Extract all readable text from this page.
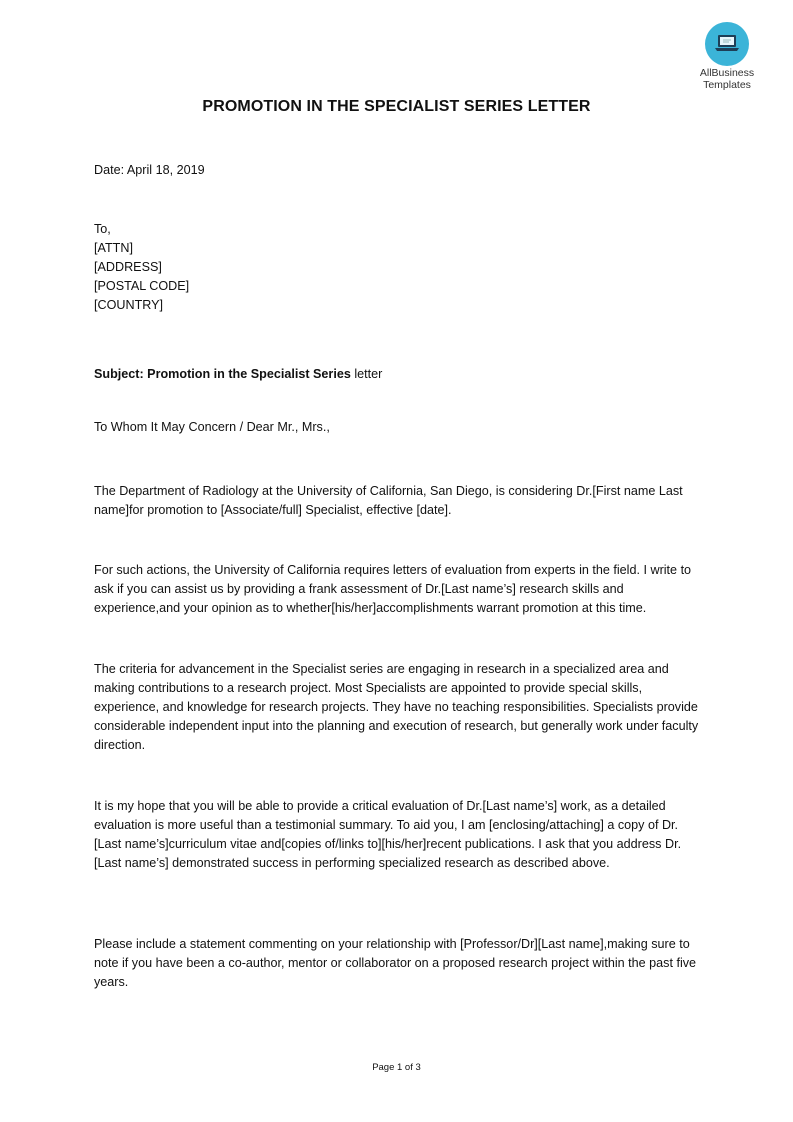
AllBusiness
Templates
PROMOTION IN THE SPECIALIST SERIES LETTER
Date: April 18, 2019

To,

[ATTN]

[ADDRESS]

[POSTAL CODE]

[COUNTRY]

Subject: Promotion in the Specialist Series letter
To Whom It May Concern / Dear Mr., Mrs.,
The Department of Radiology at the University of California, San Diego, is considering Dr.[First name Last name]for promotion to [Associate/full] Specialist, effective [date].
For such actions, the University of California requires letters of evaluation from experts in the field. I write to ask if you can assist us by providing a frank assessment of Dr.[Last name’s] research skills and experience,and your opinion as to whether[his/her]accomplishments warrant promotion at this time.
The criteria for advancement in the Specialist series are engaging in research in a specialized area and making contributions to a research project. Most Specialists are appointed to provide special skills, experience, and knowledge for research projects. They have no teaching responsibilities. Specialists provide considerable independent input into the planning and execution of research, but generally work under faculty direction.
It is my hope that you will be able to provide a critical evaluation of Dr.[Last name’s] work, as a detailed evaluation is more useful than a testimonial summary. To aid you, I am [enclosing/attaching] a copy of Dr.[Last name’s]curriculum vitae and[copies of/links to][his/her]recent publications. I ask that you address Dr.[Last name’s] demonstrated success in performing specialized research as described above.
Please include a statement commenting on your relationship with [Professor/Dr][Last name],making sure to note if you have been a co-author, mentor or collaborator on a proposed research project within the past five years.
Page 1 of 3
